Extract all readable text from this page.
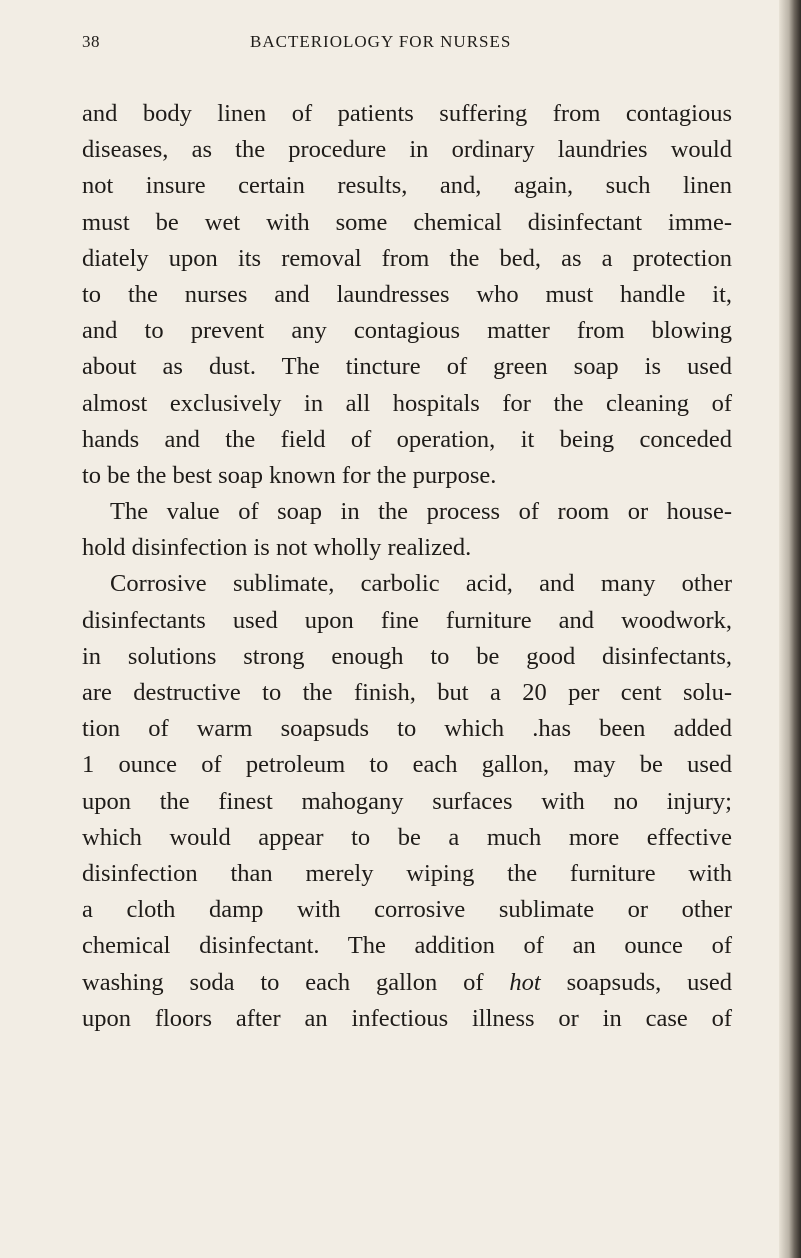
38	BACTERIOLOGY FOR NURSES
and body linen of patients suffering from contagious
diseases, as the procedure in ordinary laundries would
not insure certain results, and, again, such linen
must be wet with some chemical disinfectant imme-
diately upon its removal from the bed, as a protection
to the nurses and laundresses who must handle it,
and to prevent any contagious matter from blowing
about as dust. The tincture of green soap is used
almost exclusively in all hospitals for the cleaning of
hands and the field of operation, it being conceded
to be the best soap known for the purpose.
The value of soap in the process of room or house-
hold disinfection is not wholly realized.
Corrosive sublimate, carbolic acid, and many other
disinfectants used upon fine furniture and woodwork,
in solutions strong enough to be good disinfectants,
are destructive to the finish, but a 20 per cent solu-
tion of warm soapsuds to which .has been added
1 ounce of petroleum to each gallon, may be used
upon the finest mahogany surfaces with no injury;
which would appear to be a much more effective
disinfection than merely wiping the furniture with
a cloth damp with corrosive sublimate or other
chemical disinfectant. The addition of an ounce of
washing soda to each gallon of hot soapsuds, used
upon floors after an infectious illness or in case of
